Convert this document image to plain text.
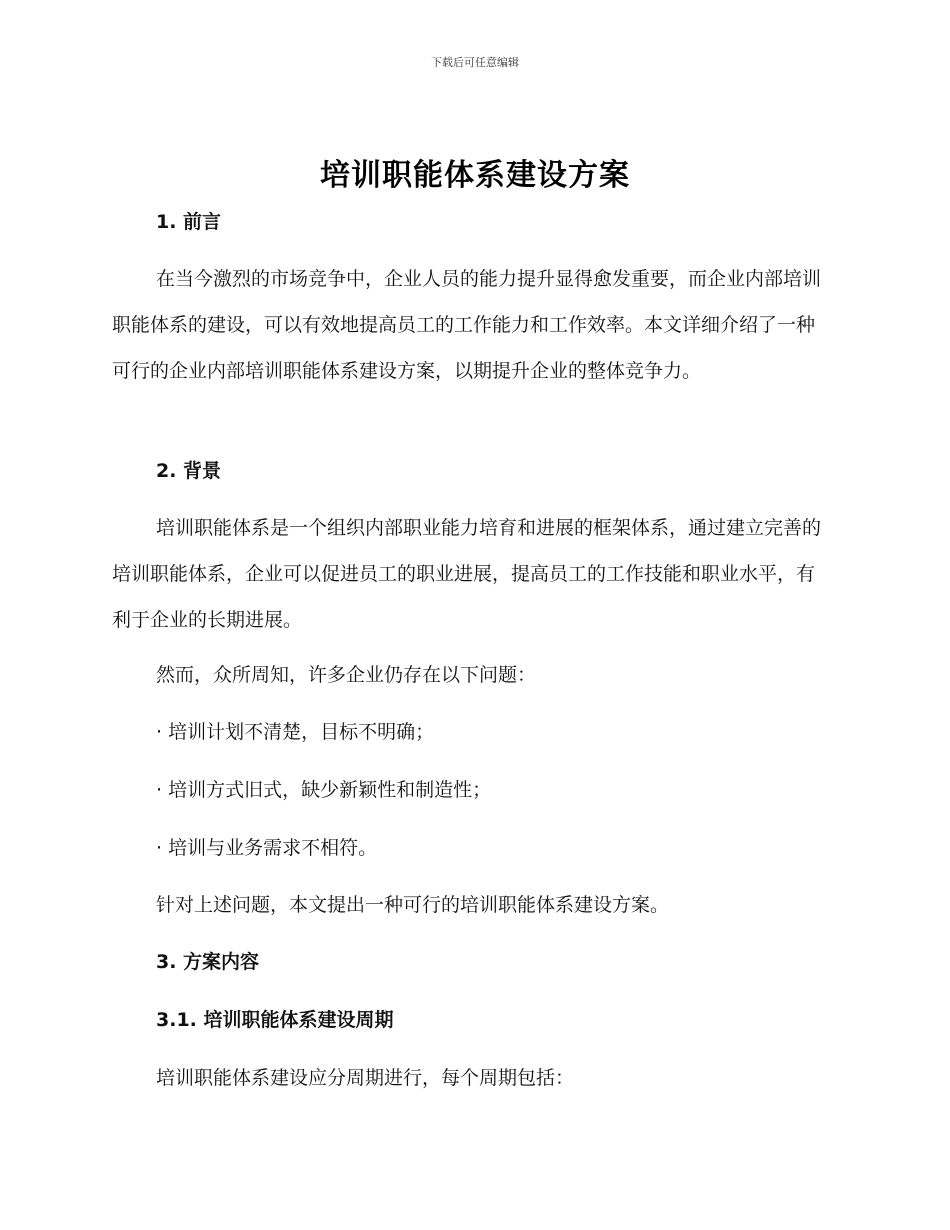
下载后可任意编辑
培训职能体系建设方案

1. 前言

在当今激烈的市场竞争中，企业人员的能力提升显得愈发重要，而企业内部培训职能体系的建设，可以有效地提高员工的工作能力和工作效率。本文详细介绍了一种可行的企业内部培训职能体系建设方案，以期提升企业的整体竞争力。

2. 背景

培训职能体系是一个组织内部职业能力培育和进展的框架体系，通过建立完善的培训职能体系，企业可以促进员工的职业进展，提高员工的工作技能和职业水平，有利于企业的长期进展。

然而，众所周知，许多企业仍存在以下问题：

· 培训计划不清楚，目标不明确；

· 培训方式旧式，缺少新颖性和制造性；

· 培训与业务需求不相符。

针对上述问题，本文提出一种可行的培训职能体系建设方案。

3. 方案内容

3.1. 培训职能体系建设周期

培训职能体系建设应分周期进行，每个周期包括：
